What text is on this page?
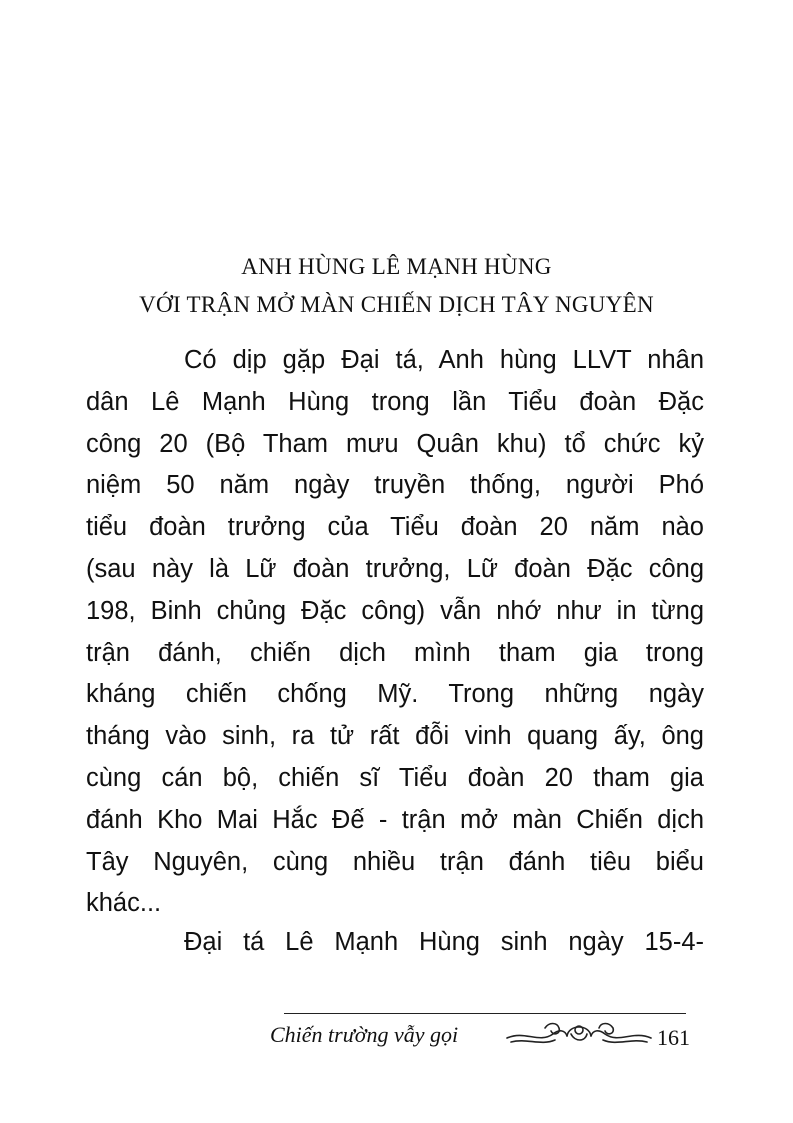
ANH HÙNG LÊ MẠNH HÙNG
VỚI TRẬN MỞ MÀN CHIẾN DỊCH TÂY NGUYÊN
Có dịp gặp Đại tá, Anh hùng LLVT nhân
dân Lê Mạnh Hùng trong lần Tiểu đoàn Đặc
công 20 (Bộ Tham mưu Quân khu) tổ chức kỷ
niệm 50 năm ngày truyền thống, người Phó
tiểu đoàn trưởng của Tiểu đoàn 20 năm nào
(sau này là Lữ đoàn trưởng, Lữ đoàn Đặc công
198, Binh chủng Đặc công) vẫn nhớ như in từng
trận đánh, chiến dịch mình tham gia trong
kháng chiến chống Mỹ. Trong những ngày
tháng vào sinh, ra tử rất đỗi vinh quang ấy, ông
cùng cán bộ, chiến sĩ Tiểu đoàn 20 tham gia
đánh Kho Mai Hắc Đế - trận mở màn Chiến dịch
Tây Nguyên, cùng nhiều trận đánh tiêu biểu
khác...
Đại tá Lê Mạnh Hùng sinh ngày 15-4-
Chiến trường vẫy gọi	161
